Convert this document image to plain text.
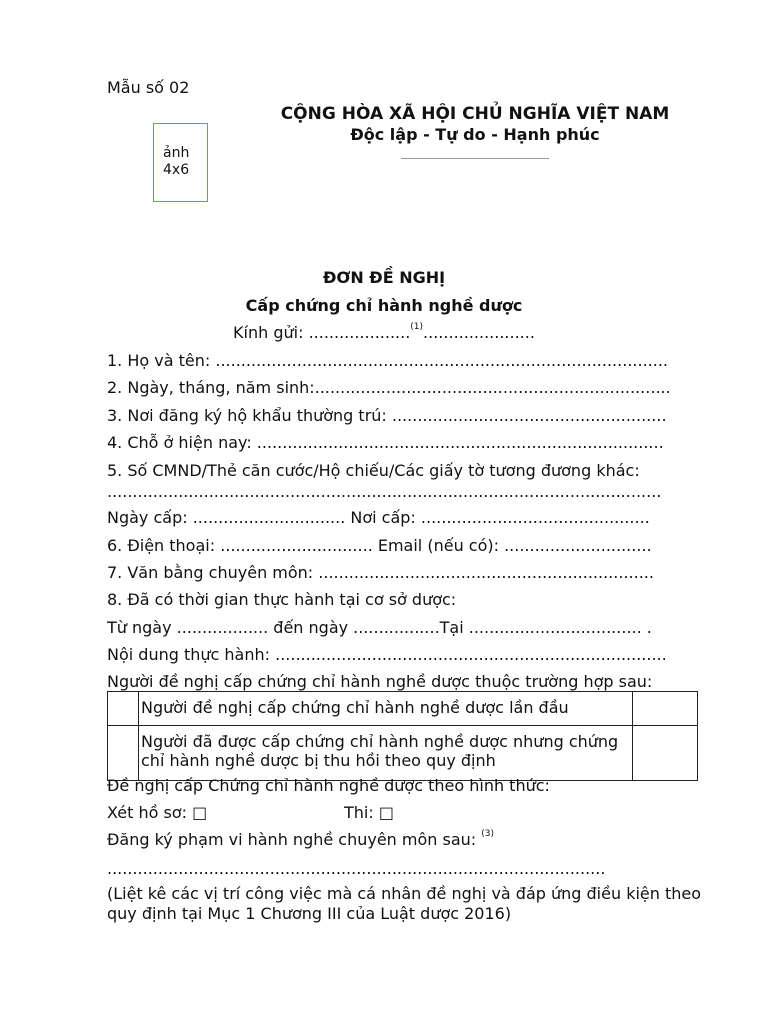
Mẫu số 02
CỘNG HÒA XÃ HỘI CHỦ NGHĨA VIỆT NAM
Độc lập - Tự do - Hạnh phúc
ảnh 4x6
ĐƠN ĐỀ NGHỊ
Cấp chứng chỉ hành nghề dược
Kính gửi: ....................$^{(1)}$......................
1. Họ và tên: .........................................................................................
2. Ngày, tháng, năm sinh:......................................................................
3. Nơi đăng ký hộ khẩu thường trú: ......................................................
4. Chỗ ở hiện nay: ................................................................................
5. Số CMND/Thẻ căn cước/Hộ chiếu/Các giấy tờ tương đương khác:
.............................................................................................................
Ngày cấp: .............................. Nơi cấp: .............................................
6. Điện thoại: .............................. Email (nếu có): .............................
7. Văn bằng chuyên môn: ..................................................................
8. Đã có thời gian thực hành tại cơ sở dược:
Từ ngày .................. đến ngày .................Tại .................................. .
Nội dung thực hành: .............................................................................
Người đề nghị cấp chứng chỉ hành nghề dược thuộc trường hợp sau:
	Người đề nghị cấp chứng chỉ hành nghề dược lần đầu	
	Người đã được cấp chứng chỉ hành nghề dược nhưng chứng chỉ hành nghề dược bị thu hồi theo quy định	
Đề nghị cấp Chứng chỉ hành nghề dược theo hình thức:
Xét hồ sơ: □	Thi: □
Đăng ký phạm vi hành nghề chuyên môn sau: $^{(3)}$
..................................................................................................
(Liệt kê các vị trí công việc mà cá nhân đề nghị và đáp ứng điều kiện theo quy định tại Mục 1 Chương III của Luật dược 2016)
